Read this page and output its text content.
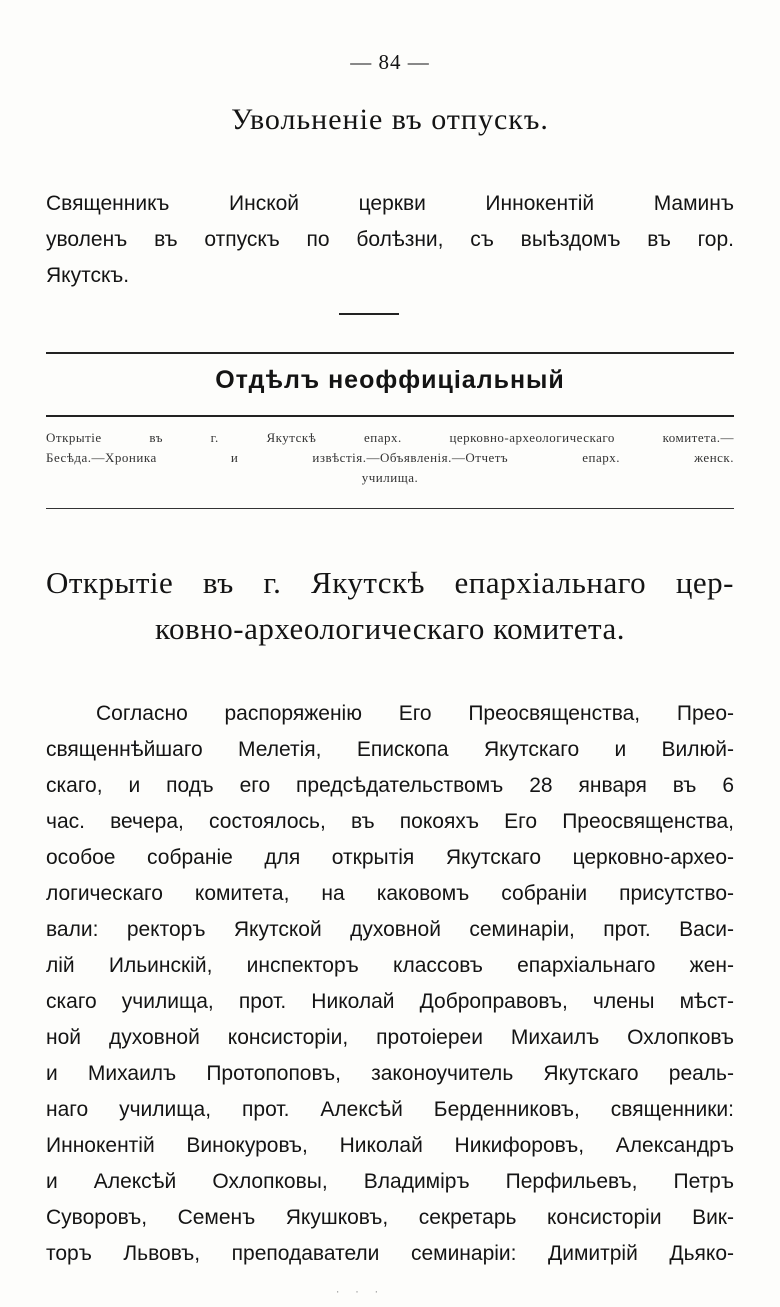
— 84 —
Увольненіе въ отпускъ.
Священникъ Инской церкви Иннокентій Маминъ
уволенъ въ отпускъ по болѣзни, съ выѣздомъ въ гор.
Якутскъ.
Отдѣлъ неоффиціальный
Открытіе въ г. Якутскѣ епарх. церковно-археологическаго комитета.—
Бесѣда.—Хроника и извѣстія.—Объявленія.—Отчетъ епарх. женск.
училища.
Открытіе въ г. Якутскѣ епархіальнаго цер-
ковно-археологическаго комитета.
Согласно распоряженію Его Преосвященства, Прео-
священнѣйшаго Мелетія, Епископа Якутскаго и Вилюй-
скаго, и подъ его предсѣдательствомъ 28 января въ 6
час. вечера, состоялось, въ покояхъ Его Преосвященства,
особое собраніе для открытія Якутскаго церковно-архео-
логическаго комитета, на каковомъ собраніи присутство-
вали: ректоръ Якутской духовной семинаріи, прот. Васи-
лій Ильинскій, инспекторъ классовъ епархіальнаго жен-
скаго училища, прот. Николай Доброправовъ, члены мѣст-
ной духовной консисторіи, протоіереи Михаилъ Охлопковъ
и Михаилъ Протопоповъ, законоучитель Якутскаго реаль-
наго училища, прот. Алексѣй Берденниковъ, священники:
Иннокентій Винокуровъ, Николай Никифоровъ, Александръ
и Алексѣй Охлопковы, Владиміръ Перфильевъ, Петръ
Суворовъ, Семенъ Якушковъ, секретарь консисторіи Вик-
торъ Львовъ, преподаватели семинаріи: Димитрій Дьяко-
· · ·
